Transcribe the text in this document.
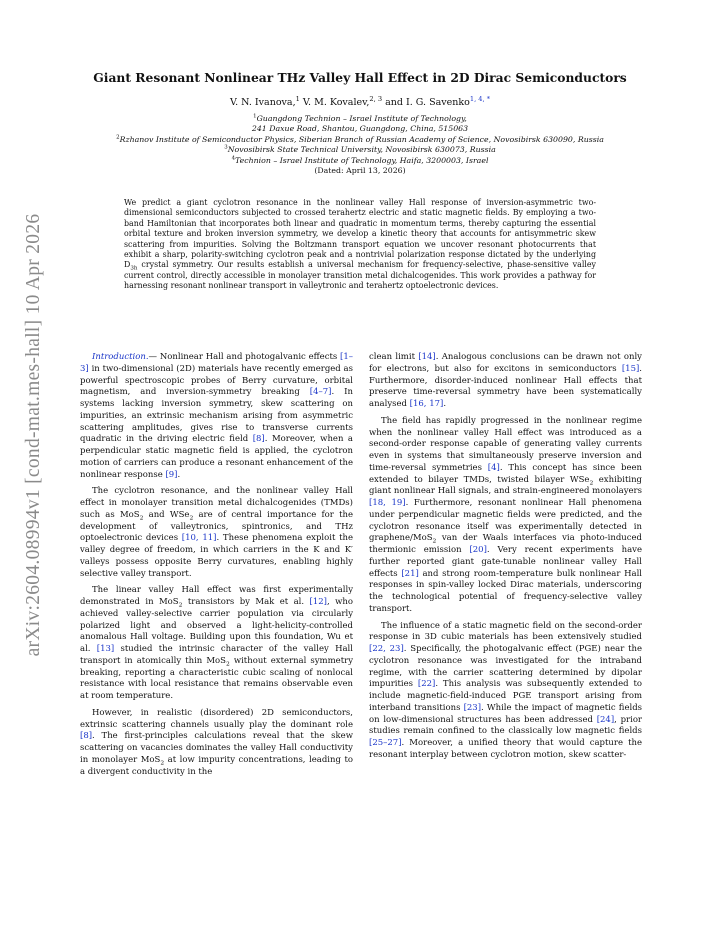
arXiv:2604.08994v1 [cond-mat.mes-hall] 10 Apr 2026
Giant Resonant Nonlinear THz Valley Hall Effect in 2D Dirac Semiconductors
V. N. Ivanova,$^1$ V. M. Kovalev,$^{2, 3}$ and I. G. Savenko$^{1, 4, *}$
$^1$Guangdong Technion – Israel Institute of Technology,
241 Daxue Road, Shantou, Guangdong, China, 515063
$^2$Rzhanov Institute of Semiconductor Physics, Siberian Branch of Russian Academy of Science, Novosibirsk 630090, Russia
$^3$Novosibirsk State Technical University, Novosibirsk 630073, Russia
$^4$Technion – Israel Institute of Technology, Haifa, 3200003, Israel
(Dated: April 13, 2026)
We predict a giant cyclotron resonance in the nonlinear valley Hall response of inversion-asymmetric two-dimensional semiconductors subjected to crossed terahertz electric and static magnetic fields. By employing a two-band Hamiltonian that incorporates both linear and quadratic in momentum terms, thereby capturing the essential orbital texture and broken inversion symmetry, we develop a kinetic theory that accounts for antisymmetric skew scattering from impurities. Solving the Boltzmann transport equation we uncover resonant photocurrents that exhibit a sharp, polarity-switching cyclotron peak and a nontrivial polarization response dictated by the underlying $D_{3h}$ crystal symmetry. Our results establish a universal mechanism for frequency-selective, phase-sensitive valley current control, directly accessible in monolayer transition metal dichalcogenides. This work provides a pathway for harnessing resonant nonlinear transport in valleytronic and terahertz optoelectronic devices.

Introduction.— Nonlinear Hall and photogalvanic effects [1–3] in two-dimensional (2D) materials have recently emerged as powerful spectroscopic probes of Berry curvature, orbital magnetism, and inversion-symmetry breaking [4–7]. In systems lacking inversion symmetry, skew scattering on impurities, an extrinsic mechanism arising from asymmetric scattering amplitudes, gives rise to transverse currents quadratic in the driving electric field [8]. Moreover, when a perpendicular static magnetic field is applied, the cyclotron motion of carriers can produce a resonant enhancement of the nonlinear response [9].

The cyclotron resonance, and the nonlinear valley Hall effect in monolayer transition metal dichalcogenides (TMDs) such as MoS$_2$ and WSe$_2$ are of central importance for the development of valleytronics, spintronics, and THz optoelectronic devices [10, 11]. These phenomena exploit the valley degree of freedom, in which carriers in the K and K′ valleys possess opposite Berry curvatures, enabling highly selective valley transport.

The linear valley Hall effect was first experimentally demonstrated in MoS$_2$ transistors by Mak et al. [12], who achieved valley-selective carrier population via circularly polarized light and observed a light-helicity-controlled anomalous Hall voltage. Building upon this foundation, Wu et al. [13] studied the intrinsic character of the valley Hall transport in atomically thin MoS$_2$ without external symmetry breaking, reporting a characteristic cubic scaling of nonlocal resistance with local resistance that remains observable even at room temperature.

However, in realistic (disordered) 2D semiconductors, extrinsic scattering channels usually play the dominant role [8]. The first-principles calculations reveal that the skew scattering on vacancies dominates the valley Hall conductivity in monolayer MoS$_2$ at low impurity concentrations, leading to a divergent conductivity in the

clean limit [14]. Analogous conclusions can be drawn not only for electrons, but also for excitons in semiconductors [15]. Furthermore, disorder-induced nonlinear Hall effects that preserve time-reversal symmetry have been systematically analysed [16, 17].

The field has rapidly progressed in the nonlinear regime when the nonlinear valley Hall effect was introduced as a second-order response capable of generating valley currents even in systems that simultaneously preserve inversion and time-reversal symmetries [4]. This concept has since been extended to bilayer TMDs, twisted bilayer WSe$_2$ exhibiting giant nonlinear Hall signals, and strain-engineered monolayers [18, 19]. Furthermore, resonant nonlinear Hall phenomena under perpendicular magnetic fields were predicted, and the cyclotron resonance itself was experimentally detected in graphene/MoS$_2$ van der Waals interfaces via photo-induced thermionic emission [20]. Very recent experiments have further reported giant gate-tunable nonlinear valley Hall effects [21] and strong room-temperature bulk nonlinear Hall responses in spin-valley locked Dirac materials, underscoring the technological potential of frequency-selective valley transport.

The influence of a static magnetic field on the second-order response in 3D cubic materials has been extensively studied [22, 23]. Specifically, the photogalvanic effect (PGE) near the cyclotron resonance was investigated for the intraband regime, with the carrier scattering determined by dipolar impurities [22]. This analysis was subsequently extended to include magnetic-field-induced PGE transport arising from interband transitions [23]. While the impact of magnetic fields on low-dimensional structures has been addressed [24], prior studies remain confined to the classically low magnetic fields [25–27]. Moreover, a unified theory that would capture the resonant interplay between cyclotron motion, skew scatter-
